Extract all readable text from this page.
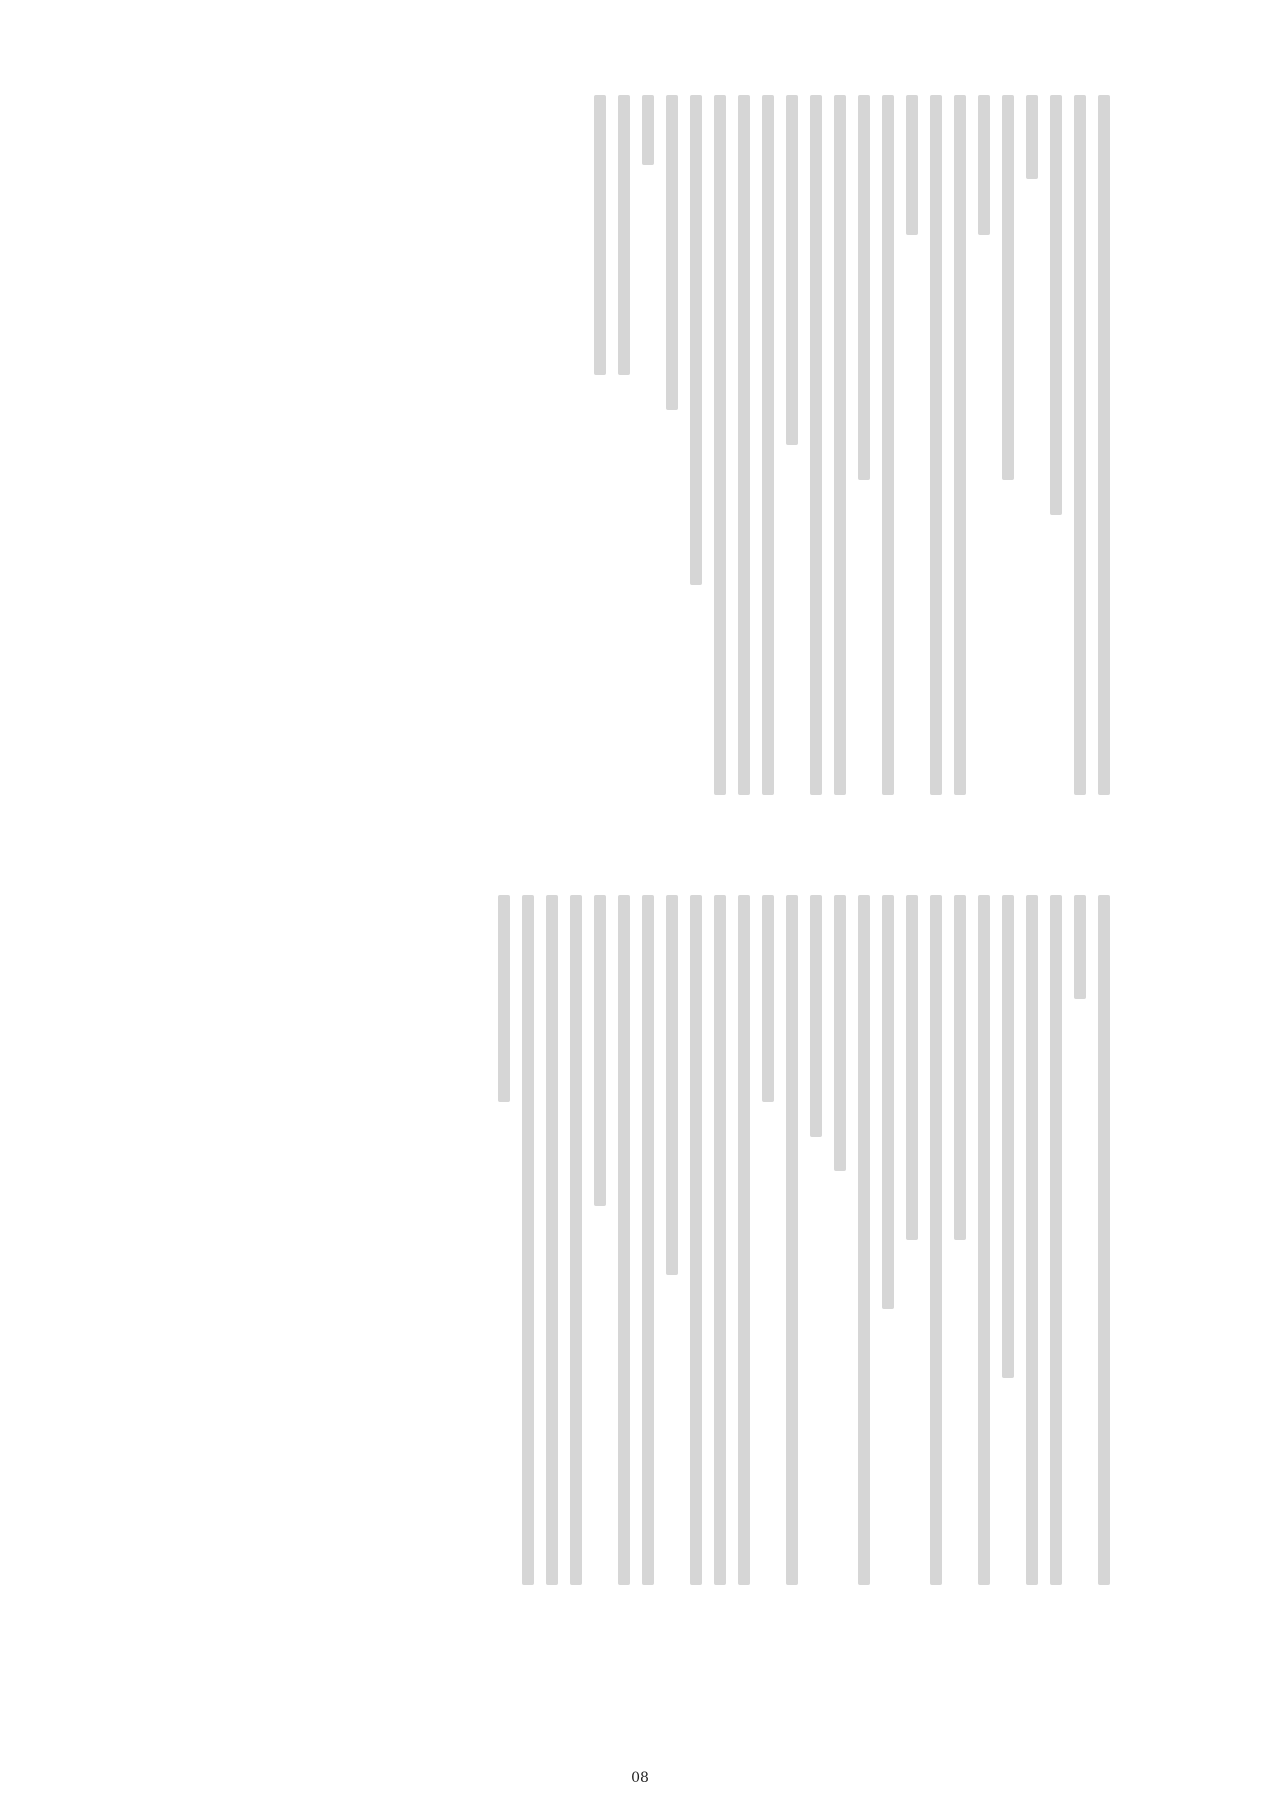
08
